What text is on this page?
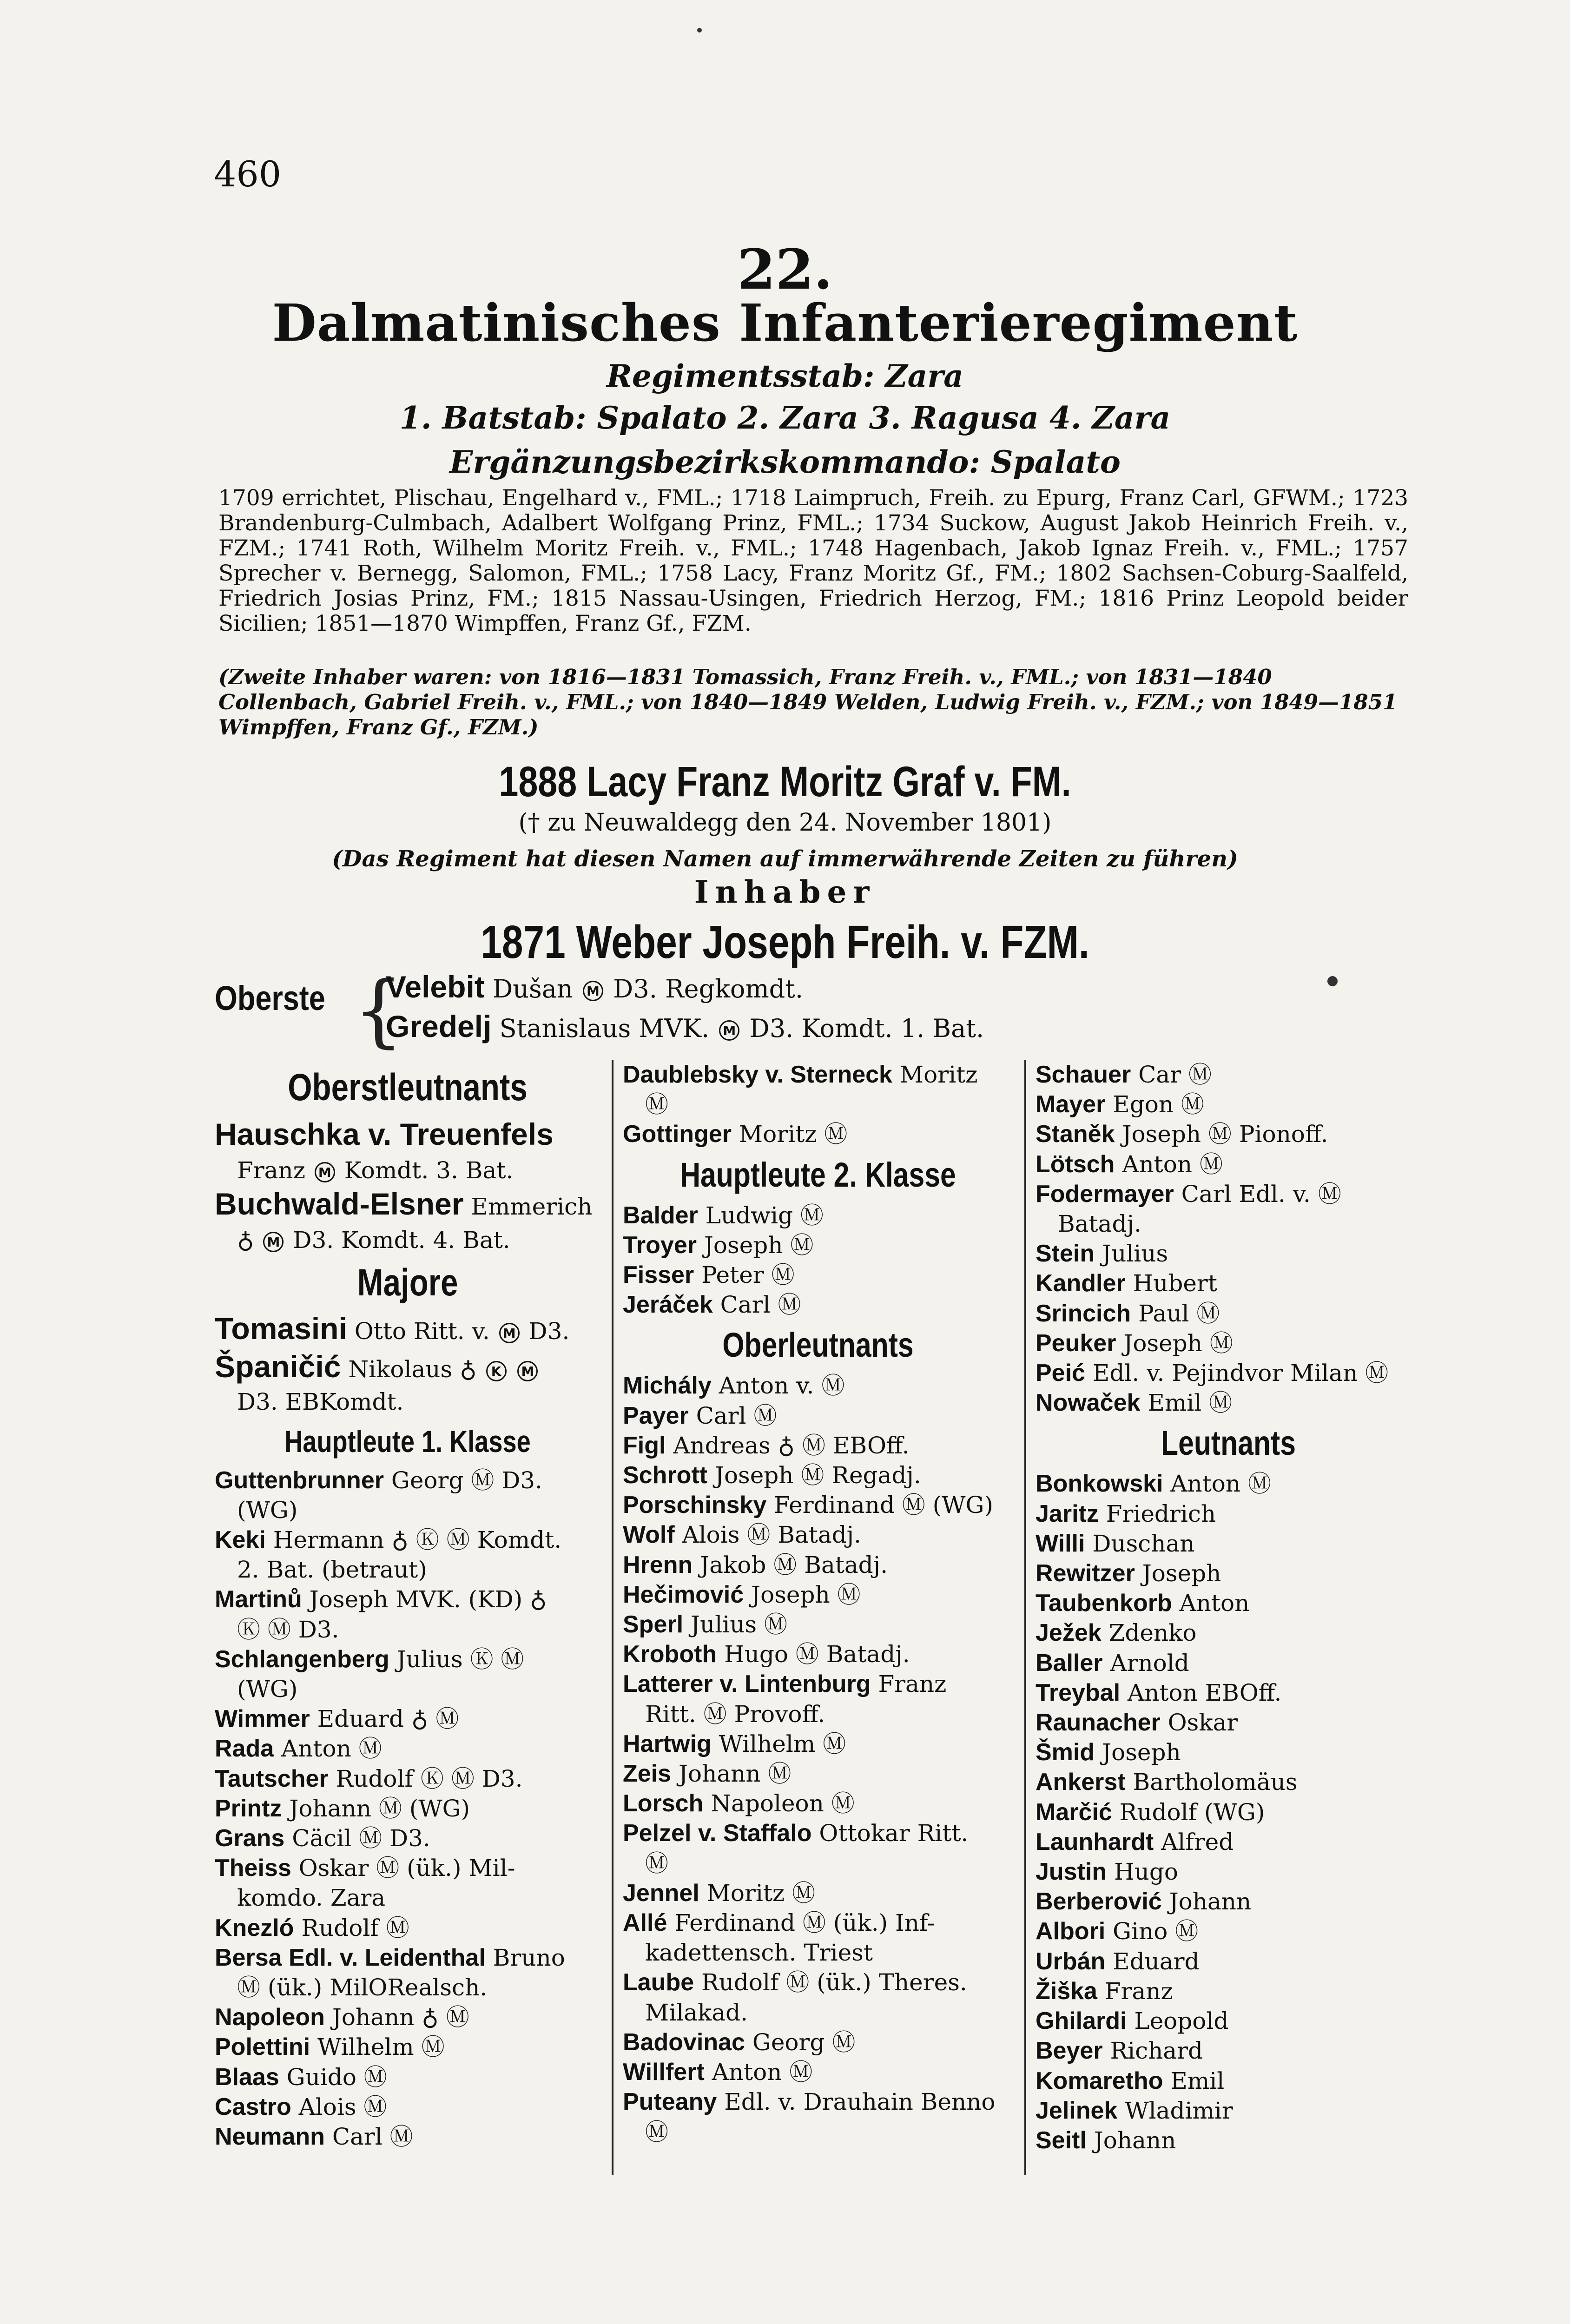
460
22.
Dalmatinisches Infanterieregiment
Regimentsstab: Zara
1. Batstab: Spalato 2. Zara 3. Ragusa 4. Zara
Ergänzungsbezirkskommando: Spalato
1709 errichtet, Plischau, Engelhard v., FML.; 1718 Laimpruch, Freih. zu Epurg, Franz Carl, GFWM.; 1723 Brandenburg-Culmbach, Adalbert Wolfgang Prinz, FML.; 1734 Suckow, August Jakob Heinrich Freih. v., FZM.; 1741 Roth, Wilhelm Moritz Freih. v., FML.; 1748 Hagenbach, Jakob Ignaz Freih. v., FML.; 1757 Sprecher v. Bernegg, Salomon, FML.; 1758 Lacy, Franz Moritz Gf., FM.; 1802 Sachsen-Coburg-Saalfeld, Friedrich Josias Prinz, FM.; 1815 Nassau-Usingen, Friedrich Herzog, FM.; 1816 Prinz Leopold beider Sicilien; 1851—1870 Wimpffen, Franz Gf., FZM.
(Zweite Inhaber waren: von 1816—1831 Tomassich, Franz Freih. v., FML.; von 1831—1840 Collenbach, Gabriel Freih. v., FML.; von 1840—1849 Welden, Ludwig Freih. v., FZM.; von 1849—1851 Wimpffen, Franz Gf., FZM.)
1888 Lacy Franz Moritz Graf v. FM.
(† zu Neuwaldegg den 24. November 1801)
(Das Regiment hat diesen Namen auf immerwährende Zeiten zu führen)
Inhaber
1871 Weber Joseph Freih. v. FZM.
Oberste {
Velebit Dušan M D3. Regkomdt.
Gredelj Stanislaus MVK. M D3. Komdt. 1. Bat.
Oberstleutnants
Hauschka v. Treuenfels
Franz M Komdt. 3. Bat.
Buchwald-Elsner Emmerich
♁ M D3. Komdt. 4. Bat.
Majore
Tomasini Otto Ritt. v. M D3.
Španičić Nikolaus ♁ K M
D3. EBKomdt.
Hauptleute 1. Klasse
Guttenbrunner Georg Ⓜ D3.
(WG)
Keki Hermann ♁ Ⓚ Ⓜ Komdt.
2. Bat. (betraut)
Martinů Joseph MVK. (KD) ♁
Ⓚ Ⓜ D3.
Schlangenberg Julius Ⓚ Ⓜ
(WG)
Wimmer Eduard ♁ Ⓜ
Rada Anton Ⓜ
Tautscher Rudolf Ⓚ Ⓜ D3.
Printz Johann Ⓜ (WG)
Grans Cäcil Ⓜ D3.
Theiss Oskar Ⓜ (ük.) Mil-
komdo. Zara
Knezló Rudolf Ⓜ
Bersa Edl. v. Leidenthal Bruno
Ⓜ (ük.) MilORealsch.
Napoleon Johann ♁ Ⓜ
Polettini Wilhelm Ⓜ
Blaas Guido Ⓜ
Castro Alois Ⓜ
Neumann Carl Ⓜ
Daublebsky v. Sterneck Moritz
Ⓜ
Gottinger Moritz Ⓜ
Hauptleute 2. Klasse
Balder Ludwig Ⓜ
Troyer Joseph Ⓜ
Fisser Peter Ⓜ
Jeráček Carl Ⓜ
Oberleutnants
Michály Anton v. Ⓜ
Payer Carl Ⓜ
Figl Andreas ♁ Ⓜ EBOff.
Schrott Joseph Ⓜ Regadj.
Porschinsky Ferdinand Ⓜ (WG)
Wolf Alois Ⓜ Batadj.
Hrenn Jakob Ⓜ Batadj.
Hečimović Joseph Ⓜ
Sperl Julius Ⓜ
Kroboth Hugo Ⓜ Batadj.
Latterer v. Lintenburg Franz
Ritt. Ⓜ Provoff.
Hartwig Wilhelm Ⓜ
Zeis Johann Ⓜ
Lorsch Napoleon Ⓜ
Pelzel v. Staffalo Ottokar Ritt.
Ⓜ
Jennel Moritz Ⓜ
Allé Ferdinand Ⓜ (ük.) Inf-
kadettensch. Triest
Laube Rudolf Ⓜ (ük.) Theres.
Milakad.
Badovinac Georg Ⓜ
Willfert Anton Ⓜ
Puteany Edl. v. Drauhain Benno
Ⓜ
Schauer Car Ⓜ
Mayer Egon Ⓜ
Staněk Joseph Ⓜ Pionoff.
Lötsch Anton Ⓜ
Fodermayer Carl Edl. v. Ⓜ
Batadj.
Stein Julius
Kandler Hubert
Srincich Paul Ⓜ
Peuker Joseph Ⓜ
Peić Edl. v. Pejindvor Milan Ⓜ
Nowaček Emil Ⓜ
Leutnants
Bonkowski Anton Ⓜ
Jaritz Friedrich
Willi Duschan
Rewitzer Joseph
Taubenkorb Anton
Ježek Zdenko
Baller Arnold
Treybal Anton EBOff.
Raunacher Oskar
Šmid Joseph
Ankerst Bartholomäus
Marčić Rudolf (WG)
Launhardt Alfred
Justin Hugo
Berberović Johann
Albori Gino Ⓜ
Urbán Eduard
Žiška Franz
Ghilardi Leopold
Beyer Richard
Komaretho Emil
Jelinek Wladimir
Seitl Johann
